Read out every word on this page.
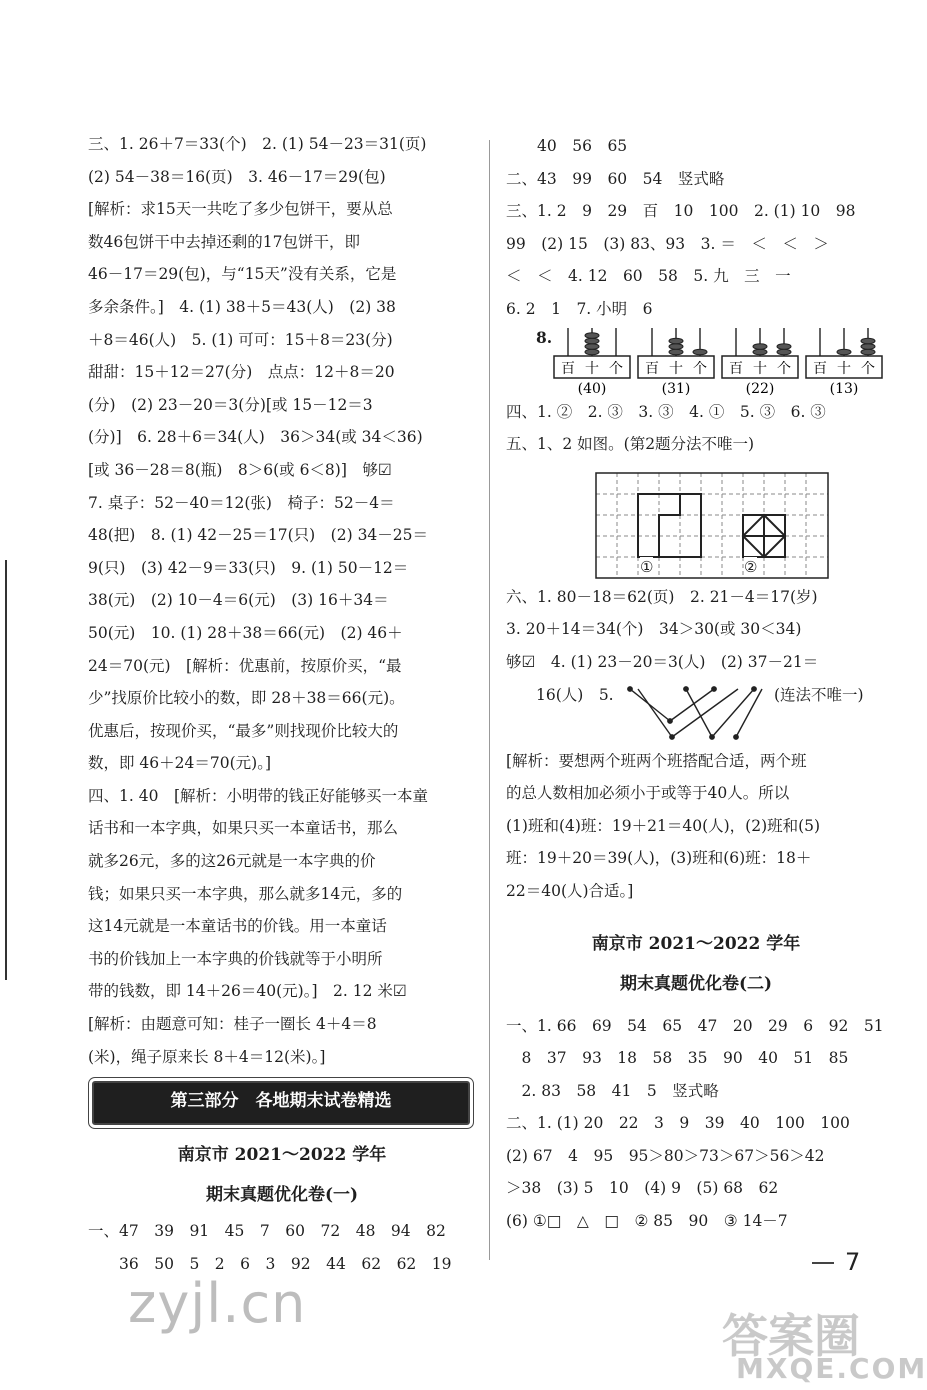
三、1. 26＋7＝33(个)　2. (1) 54－23＝31(页)
(2) 54－38＝16(页)　3. 46－17＝29(包)
[解析：求15天一共吃了多少包饼干，要从总
数46包饼干中去掉还剩的17包饼干，即
46－17＝29(包)，与“15天”没有关系，它是
多余条件。]　4. (1) 38＋5＝43(人)　(2) 38
＋8＝46(人)　5. (1) 可可：15＋8＝23(分)
甜甜：15＋12＝27(分)　点点：12＋8＝20
(分)　(2) 23－20＝3(分)[或 15－12＝3
(分)]　6. 28＋6＝34(人)　36＞34(或 34＜36)
[或 36－28＝8(瓶)　8＞6(或 6＜8)]　够☑
7. 桌子：52－40＝12(张)　椅子：52－4＝
48(把)　8. (1) 42－25＝17(只)　(2) 34－25＝
9(只)　(3) 42－9＝33(只)　9. (1) 50－12＝
38(元)　(2) 10－4＝6(元)　(3) 16＋34＝
50(元)　10. (1) 28＋38＝66(元)　(2) 46＋
24＝70(元)　[解析：优惠前，按原价买，“最
少”找原价比较小的数，即 28＋38＝66(元)。
优惠后，按现价买，“最多”则找现价比较大的
数，即 46＋24＝70(元)。]
四、1. 40　[解析：小明带的钱正好能够买一本童
话书和一本字典，如果只买一本童话书，那么
就多26元，多的这26元就是一本字典的价
钱；如果只买一本字典，那么就多14元，多的
这14元就是一本童话书的价钱。用一本童话
书的价钱加上一本字典的价钱就等于小明所
带的钱数，即 14＋26＝40(元)。]　2. 12 米☑
[解析：由题意可知：桂子一圈长 4＋4＝8
(米)，绳子原来长 8＋4＝12(米)。]
第三部分　各地期末试卷精选
南京市 2021～2022 学年
期末真题优化卷(一)
一、47　39　91　45　7　60　72　48　94　82
　　36　50　5　2　6　3　92　44　62　62　19
　　40　56　65
二、43　99　60　54　竖式略
三、1. 2　9　29　百　10　100　2. (1) 10　98
99　(2) 15　(3) 83、93　3. ＝　＜　＜　＞
＜　＜　4. 12　60　58　5. 九　三　一
6. 2　1　7. 小明　6
8.
百 十 个
(40)
百 十 个
(31)
百 十 个
(22)
百 十 个
(13)
四、1. ②　2. ③　3. ③　4. ①　5. ③　6. ③
五、1、2 如图。(第2题分法不唯一)
①	②
六、1. 80－18＝62(页)　2. 21－4＝17(岁)
3. 20＋14＝34(个)　34＞30(或 30＜34)
够☑　4. (1) 23－20＝3(人)　(2) 37－21＝
16(人)　5.	(连法不唯一)
[解析：要想两个班两个班搭配合适，两个班
的总人数相加必须小于或等于40人。所以
(1)班和(4)班：19＋21＝40(人)，(2)班和(5)
班：19＋20＝39(人)，(3)班和(6)班：18＋
22＝40(人)合适。]
南京市 2021～2022 学年
期末真题优化卷(二)
一、1. 66　69　54　65　47　20　29　6　92　51
　8　37　93　18　58　35　90　40　51　85
　2. 83　58　41　5　竖式略
二、1. (1) 20　22　3　9　39　40　100　100
(2) 67　4　95　95＞80＞73＞67＞56＞42
＞38　(3) 5　10　(4) 9　(5) 68　62
(6) ①□　△　□　② 85　90　③ 14－7
7
zyjl.cn
答案圈
MXQE.COM
